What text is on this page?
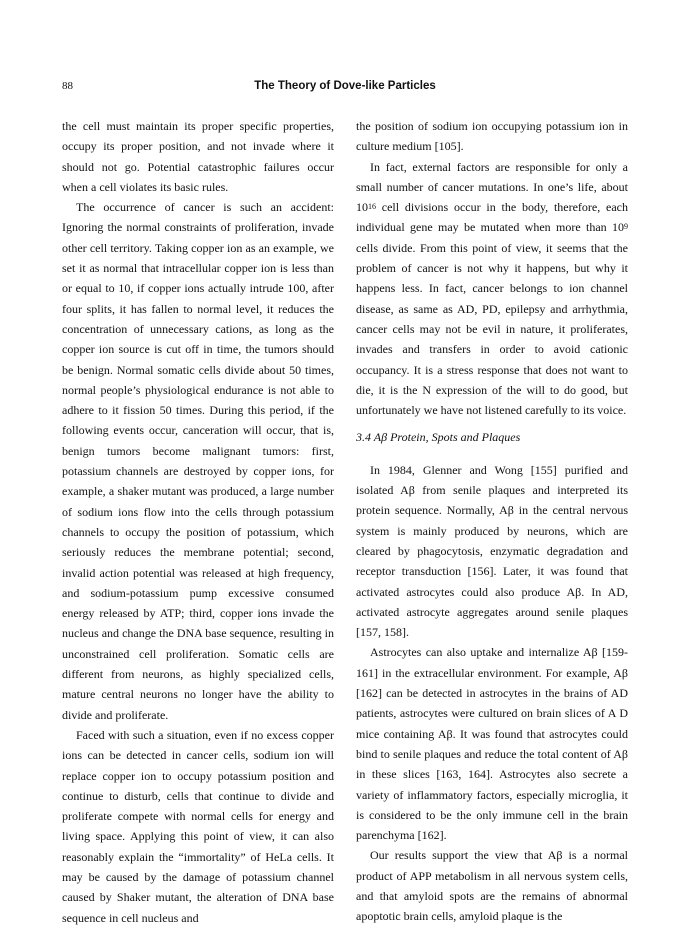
88	The Theory of Dove-like Particles

the cell must maintain its proper specific properties, occupy its proper position, and not invade where it should not go. Potential catastrophic failures occur when a cell violates its basic rules.

The occurrence of cancer is such an accident: Ignoring the normal constraints of proliferation, invade other cell territory. Taking copper ion as an example, we set it as normal that intracellular copper ion is less than or equal to 10, if copper ions actually intrude 100, after four splits, it has fallen to normal level, it reduces the concentration of unnecessary cations, as long as the copper ion source is cut off in time, the tumors should be benign. Normal somatic cells divide about 50 times, normal people’s physiological endurance is not able to adhere to it fission 50 times. During this period, if the following events occur, canceration will occur, that is, benign tumors become malignant tumors: first, potassium channels are destroyed by copper ions, for example, a shaker mutant was produced, a large number of sodium ions flow into the cells through potassium channels to occupy the position of potassium, which seriously reduces the membrane potential; second, invalid action potential was released at high frequency, and sodium-potassium pump excessive consumed energy released by ATP; third, copper ions invade the nucleus and change the DNA base sequence, resulting in unconstrained cell proliferation. Somatic cells are different from neurons, as highly specialized cells, mature central neurons no longer have the ability to divide and proliferate.

Faced with such a situation, even if no excess copper ions can be detected in cancer cells, sodium ion will replace copper ion to occupy potassium position and continue to disturb, cells that continue to divide and proliferate compete with normal cells for energy and living space. Applying this point of view, it can also reasonably explain the “immortality” of HeLa cells. It may be caused by the damage of potassium channel caused by Shaker mutant, the alteration of DNA base sequence in cell nucleus and

the position of sodium ion occupying potassium ion in culture medium [105].

In fact, external factors are responsible for only a small number of cancer mutations. In one’s life, about $10^{16}$ cell divisions occur in the body, therefore, each individual gene may be mutated when more than $10^9$ cells divide. From this point of view, it seems that the problem of cancer is not why it happens, but why it happens less. In fact, cancer belongs to ion channel disease, as same as AD, PD, epilepsy and arrhythmia, cancer cells may not be evil in nature, it proliferates, invades and transfers in order to avoid cationic occupancy. It is a stress response that does not want to die, it is the N expression of the will to do good, but unfortunately we have not listened carefully to its voice.

3.4 Aβ Protein, Spots and Plaques

In 1984, Glenner and Wong [155] purified and isolated Aβ from senile plaques and interpreted its protein sequence. Normally, Aβ in the central nervous system is mainly produced by neurons, which are cleared by phagocytosis, enzymatic degradation and receptor transduction [156]. Later, it was found that activated astrocytes could also produce Aβ. In AD, activated astrocyte aggregates around senile plaques [157, 158].

Astrocytes can also uptake and internalize Aβ [159-161] in the extracellular environment. For example, Aβ [162] can be detected in astrocytes in the brains of AD patients, astrocytes were cultured on brain slices of A D mice containing Aβ. It was found that astrocytes could bind to senile plaques and reduce the total content of Aβ in these slices [163, 164]. Astrocytes also secrete a variety of inflammatory factors, especially microglia, it is considered to be the only immune cell in the brain parenchyma [162].

Our results support the view that Aβ is a normal product of APP metabolism in all nervous system cells, and that amyloid spots are the remains of abnormal apoptotic brain cells, amyloid plaque is the
